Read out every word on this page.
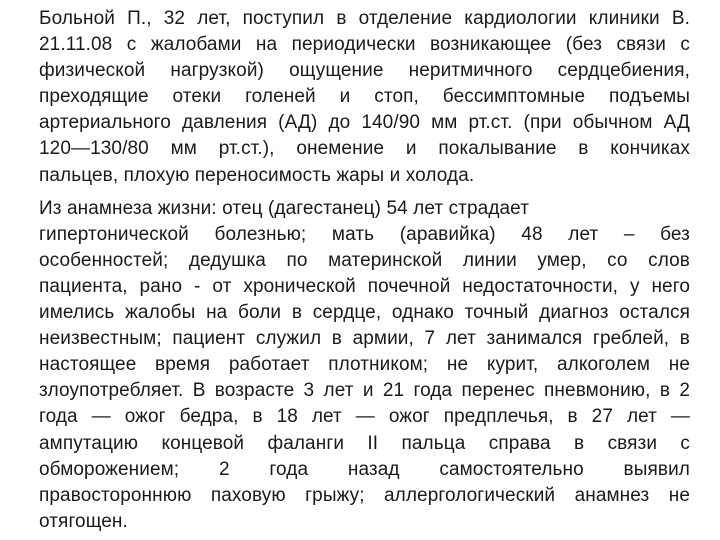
Больной П., 32 лет, поступил в отделение кардиологии клиники В.
21.11.08 с жалобами на периодически возникающее (без связи с
физической нагрузкой) ощущение неритмичного сердцебиения,
преходящие отеки голеней и стоп, бессимптомные подъемы
артериального давления (АД) до 140/90 мм рт.ст. (при обычном АД
120—130/80 мм рт.ст.), онемение и покалывание в кончиках
пальцев, плохую переносимость жары и холода.

Из анамнеза жизни: отец (дагестанец) 54 лет страдает
гипертонической болезнью; мать (аравийка) 48 лет – без
особенностей; дедушка по материнской линии умер, со слов
пациента, рано - от хронической почечной недостаточности, у него
имелись жалобы на боли в сердце, однако точный диагноз остался
неизвестным; пациент служил в армии, 7 лет занимался греблей, в
настоящее время работает плотником; не курит, алкоголем не
злоупотребляет. В возрасте 3 лет и 21 года перенес пневмонию, в 2
года — ожог бедра, в 18 лет — ожог предплечья, в 27 лет —
ампутацию концевой фаланги II пальца справа в связи с
обморожением; 2 года назад самостоятельно выявил
правостороннюю паховую грыжу; аллергологический анамнез не
отягощен.
